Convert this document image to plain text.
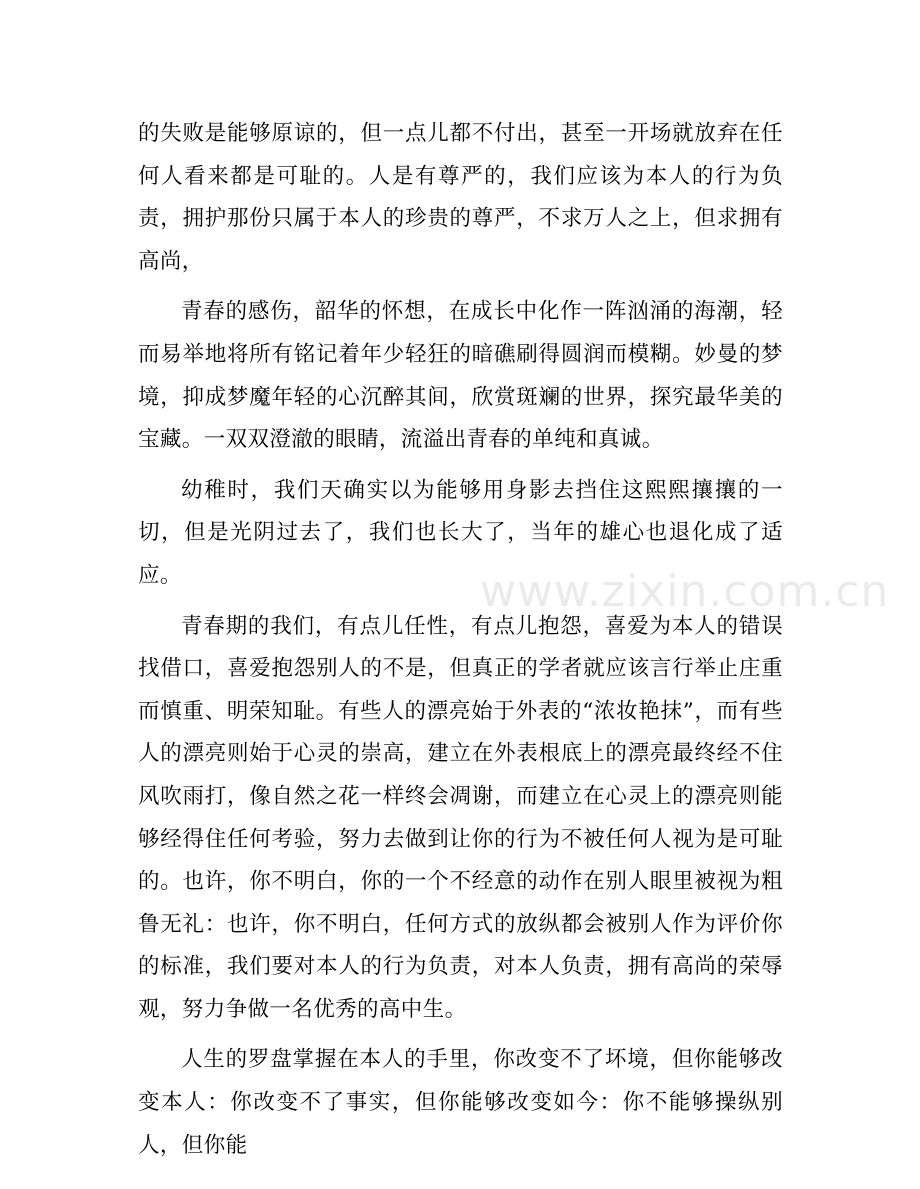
的失败是能够原谅的，但一点儿都不付出，甚至一开场就放弃在任何人看来都是可耻的。人是有尊严的，我们应该为本人的行为负责，拥护那份只属于本人的珍贵的尊严，不求万人之上，但求拥有高尚，

青春的感伤，韶华的怀想，在成长中化作一阵汹涌的海潮，轻而易举地将所有铭记着年少轻狂的暗礁刷得圆润而模糊。妙曼的梦境，抑成梦魔年轻的心沉醉其间，欣赏斑斓的世界，探究最华美的宝藏。一双双澄澈的眼睛，流溢出青春的单纯和真诚。

幼稚时，我们天确实以为能够用身影去挡住这熙熙攘攘的一切，但是光阴过去了，我们也长大了，当年的雄心也退化成了适应。

青春期的我们，有点儿任性，有点儿抱怨，喜爱为本人的错误找借口，喜爱抱怨别人的不是，但真正的学者就应该言行举止庄重而慎重、明荣知耻。有些人的漂亮始于外表的“浓妆艳抹”，而有些人的漂亮则始于心灵的崇高，建立在外表根底上的漂亮最终经不住风吹雨打，像自然之花一样终会凋谢，而建立在心灵上的漂亮则能够经得住任何考验，努力去做到让你的行为不被任何人视为是可耻的。也许，你不明白，你的一个不经意的动作在别人眼里被视为粗鲁无礼：也许，你不明白，任何方式的放纵都会被别人作为评价你的标准，我们要对本人的行为负责，对本人负责，拥有高尚的荣辱观，努力争做一名优秀的高中生。

人生的罗盘掌握在本人的手里，你改变不了坏境，但你能够改变本人：你改变不了事实，但你能够改变如今：你不能够操纵别人，但你能

www.zixin.com.cn
